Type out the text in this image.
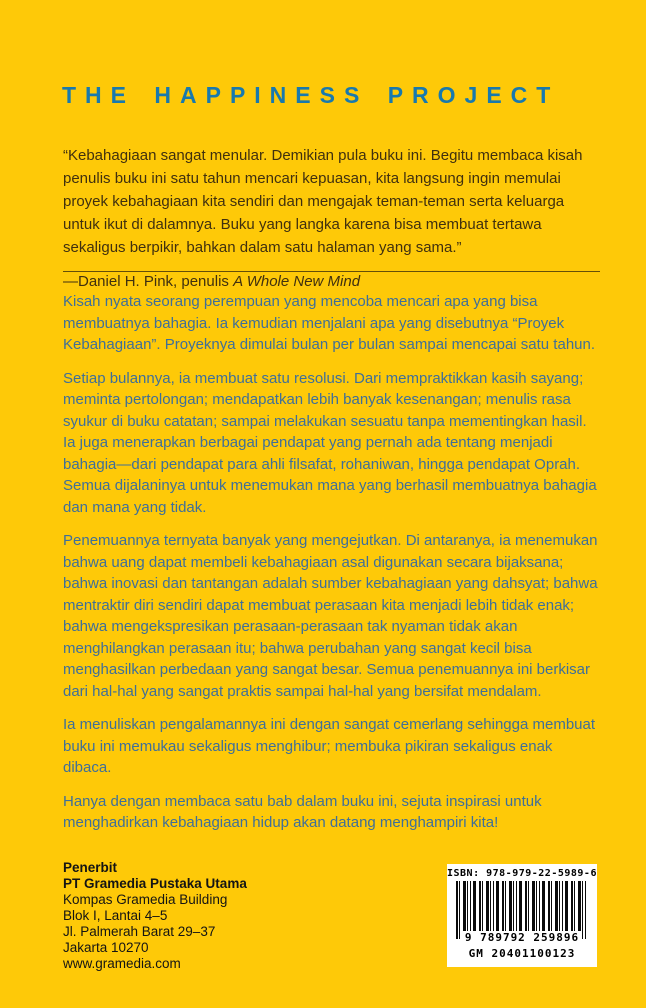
THE HAPPINESS PROJECT

“Kebahagiaan sangat menular. Demikian pula buku ini. Begitu membaca kisah penulis buku ini satu tahun mencari kepuasan, kita langsung ingin memulai proyek kebahagiaan kita sendiri dan mengajak teman-teman serta keluarga untuk ikut di dalamnya. Buku yang langka karena bisa membuat tertawa sekaligus berpikir, bahkan dalam satu halaman yang sama.”

—Daniel H. Pink, penulis A Whole New Mind

Kisah nyata seorang perempuan yang mencoba mencari apa yang bisa membuatnya bahagia. Ia kemudian menjalani apa yang disebutnya “Proyek Kebahagiaan”. Proyeknya dimulai bulan per bulan sampai mencapai satu tahun.

Setiap bulannya, ia membuat satu resolusi. Dari mempraktikkan kasih sayang; meminta pertolongan; mendapatkan lebih banyak kesenangan; menulis rasa syukur di buku catatan; sampai melakukan sesuatu tanpa mementingkan hasil. Ia juga menerapkan berbagai pendapat yang pernah ada tentang menjadi bahagia—dari pendapat para ahli filsafat, rohaniwan, hingga pendapat Oprah. Semua dijalaninya untuk menemukan mana yang berhasil membuatnya bahagia dan mana yang tidak.

Penemuannya ternyata banyak yang mengejutkan. Di antaranya, ia menemukan bahwa uang dapat membeli kebahagiaan asal digunakan secara bijaksana; bahwa inovasi dan tantangan adalah sumber kebahagiaan yang dahsyat; bahwa mentraktir diri sendiri dapat membuat perasaan kita menjadi lebih tidak enak; bahwa mengekspresikan perasaan-perasaan tak nyaman tidak akan menghilangkan perasaan itu; bahwa perubahan yang sangat kecil bisa menghasilkan perbedaan yang sangat besar. Semua penemuannya ini berkisar dari hal-hal yang sangat praktis sampai hal-hal yang bersifat mendalam.

Ia menuliskan pengalamannya ini dengan sangat cemerlang sehingga membuat buku ini memukau sekaligus menghibur; membuka pikiran sekaligus enak dibaca.

Hanya dengan membaca satu bab dalam buku ini, sejuta inspirasi untuk menghadirkan kebahagiaan hidup akan datang menghampiri kita!

Penerbit
PT Gramedia Pustaka Utama
Kompas Gramedia Building
Blok I, Lantai 4–5
Jl. Palmerah Barat 29–37
Jakarta 10270
www.gramedia.com
ISBN: 978-979-22-5989-6
9 789792 259896
GM 20401100123
